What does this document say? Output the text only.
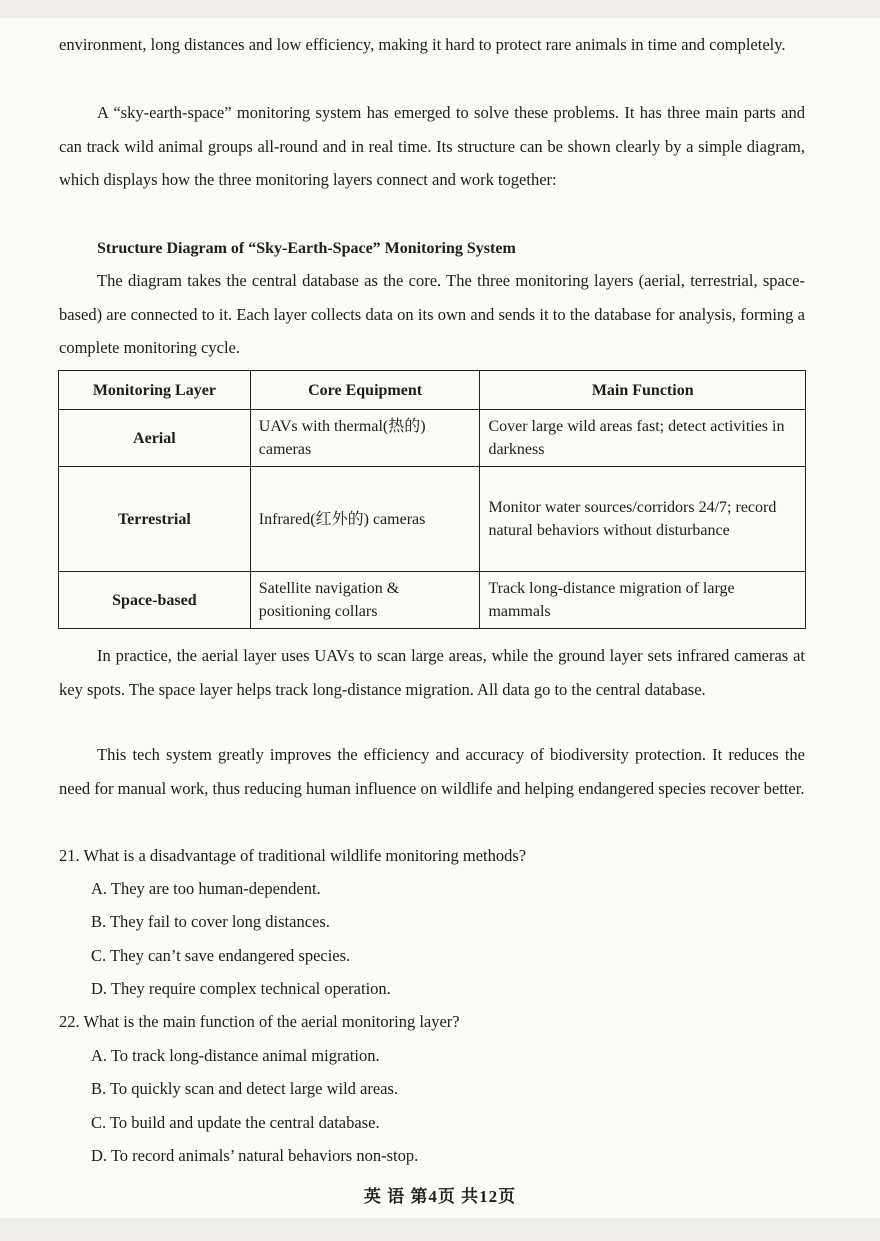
environment, long distances and low efficiency, making it hard to protect rare animals in time and completely.

A “sky-earth-space” monitoring system has emerged to solve these problems. It has three main parts and can track wild animal groups all-round and in real time. Its structure can be shown clearly by a simple diagram, which displays how the three monitoring layers connect and work together:

Structure Diagram of “Sky-Earth-Space” Monitoring System

The diagram takes the central database as the core. The three monitoring layers (aerial, terrestrial, space-based) are connected to it. Each layer collects data on its own and sends it to the database for analysis, forming a complete monitoring cycle.

Monitoring Layer	Core Equipment	Main Function
Aerial	UAVs with thermal(热的) cameras	Cover large wild areas fast; detect activities in darkness
Terrestrial	Infrared(红外的) cameras	Monitor water sources/corridors 24/7; record natural behaviors without disturbance
Space-based	Satellite navigation & positioning collars	Track long-distance migration of large mammals

In practice, the aerial layer uses UAVs to scan large areas, while the ground layer sets infrared cameras at key spots. The space layer helps track long-distance migration. All data go to the central database.

This tech system greatly improves the efficiency and accuracy of biodiversity protection. It reduces the need for manual work, thus reducing human influence on wildlife and helping endangered species recover better.

21. What is a disadvantage of traditional wildlife monitoring methods?
A. They are too human-dependent.
B. They fail to cover long distances.
C. They can’t save endangered species.
D. They require complex technical operation.
22. What is the main function of the aerial monitoring layer?
A. To track long-distance animal migration.
B. To quickly scan and detect large wild areas.
C. To build and update the central database.
D. To record animals’ natural behaviors non-stop.
英 语 第4页 共12页
